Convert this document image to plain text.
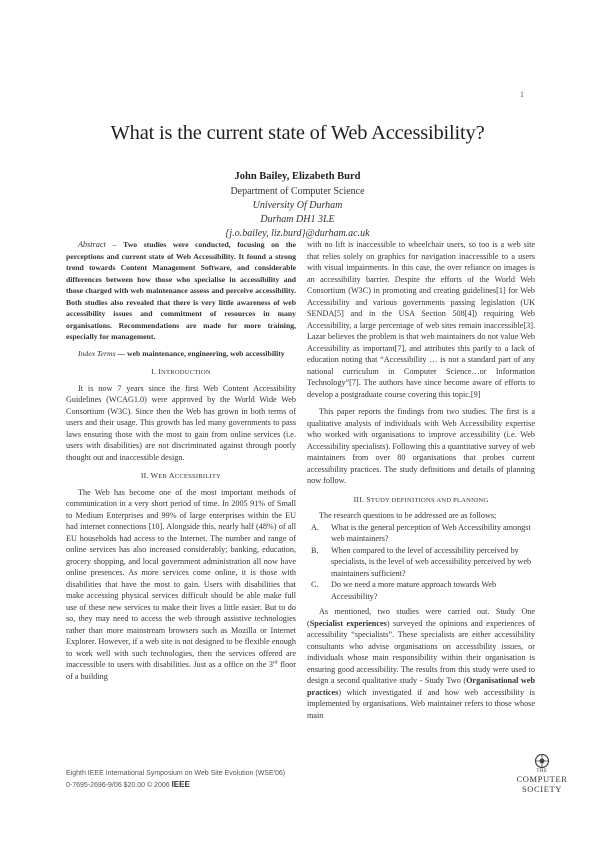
1
What is the current state of Web Accessibility?
John Bailey, Elizabeth Burd
Department of Computer Science
University Of Durham
Durham DH1 3LE
{j.o.bailey, liz.burd}@durham.ac.uk

Abstract – Two studies were conducted, focusing on the perceptions and current state of Web Accessibility. It found a strong trend towards Content Management Software, and considerable differences between how those who specialise in accessibility and those charged with web maintenance assess and perceive accessibility. Both studies also revealed that there is very little awareness of web accessibility issues and commitment of resources in many organisations. Recommendations are made for more training, especially for management.

Index Terms — web maintenance, engineering, web accessibility

I. INTRODUCTION

It is now 7 years since the first Web Content Accessibility Guidelines (WCAG1.0) were approved by the World Wide Web Consortium (W3C). Since then the Web has grown in both terms of users and their usage. This growth has led many governments to pass laws ensuring those with the most to gain from online services (i.e. users with disabilities) are not discriminated against through poorly thought out and inaccessible design.

II. WEB ACCESSIBILITY

The Web has become one of the most important methods of communication in a very short period of time. In 2005 91% of Small to Medium Enterprises and 99% of large enterprises within the EU had internet connections [10]. Alongside this, nearly half (48%) of all EU households had access to the Internet. The number and range of online services has also increased considerably; banking, education, grocery shopping, and local government administration all now have online presences. As more services come online, it is those with disabilities that have the most to gain. Users with disabilities that make accessing physical services difficult should be able make full use of these new services to make their lives a little easier. But to do so, they may need to access the web through assistive technologies rather than more mainstream browsers such as Mozilla or Internet Explorer. However, if a web site is not designed to be flexible enough to work well with such technologies, then the services offered are inaccessible to users with disabilities. Just as a office on the 3rd floor of a building

with no lift is inaccessible to wheelchair users, so too is a web site that relies solely on graphics for navigation inaccessible to a users with visual impairments. In this case, the over reliance on images is an accessibility barrier. Despite the efforts of the World Web Consortium (W3C) in promoting and creating guidelines[1] for Web Accessibility and various governments passing legislation (UK SENDA[5] and in the USA Section 508[4]) requiring Web Accessibility, a large percentage of web sites remain inaccessible[3]. Lazar believes the problem is that web maintainers do not value Web Accessibility as important[7], and attributes this partly to a lack of education noting that “Accessibility … is not a standard part of any national curriculum in Computer Science…or Information Technology”[7]. The authors have since become aware of efforts to develop a postgraduate course covering this topic.[9]

This paper reports the findings from two studies. The first is a qualitative analysis of individuals with Web Accessibility expertise who worked with organisations to improve accessibility (i.e. Web Accessibility specialists). Following this a quantitative survey of web maintainers from over 80 organisations that probes current accessibility practices. The study definitions and details of planning now follow.

III. STUDY DEFINITIONS AND PLANNING

The research questions to be addressed are as follows;

A.	What is the general perception of Web Accessibility amongst web maintainers?
B.	When compared to the level of accessibility perceived by specialists, is the level of web accessibility perceived by web maintainers sufficient?
C.	Do we need a more mature approach towards Web Accessibility?

As mentioned, two studies were carried out. Study One (Specialist experiences) surveyed the opinions and experiences of accessibility “specialists”. These specialists are either accessibility consultants who advise organisations on accessibility issues, or individuals whose main responsibility within their organisation is ensuring good accessibility. The results from this study were used to design a second qualitative study - Study Two (Organisational web practices) which investigated if and how web accessibility is implemented by organisations. Web maintainer refers to those whose main

Eighth IEEE International Symposium on Web Site Evolution (WSE'06)
0-7695-2696-9/06 $20.00 © 2006 IEEE
THE
COMPUTER
SOCIETY
